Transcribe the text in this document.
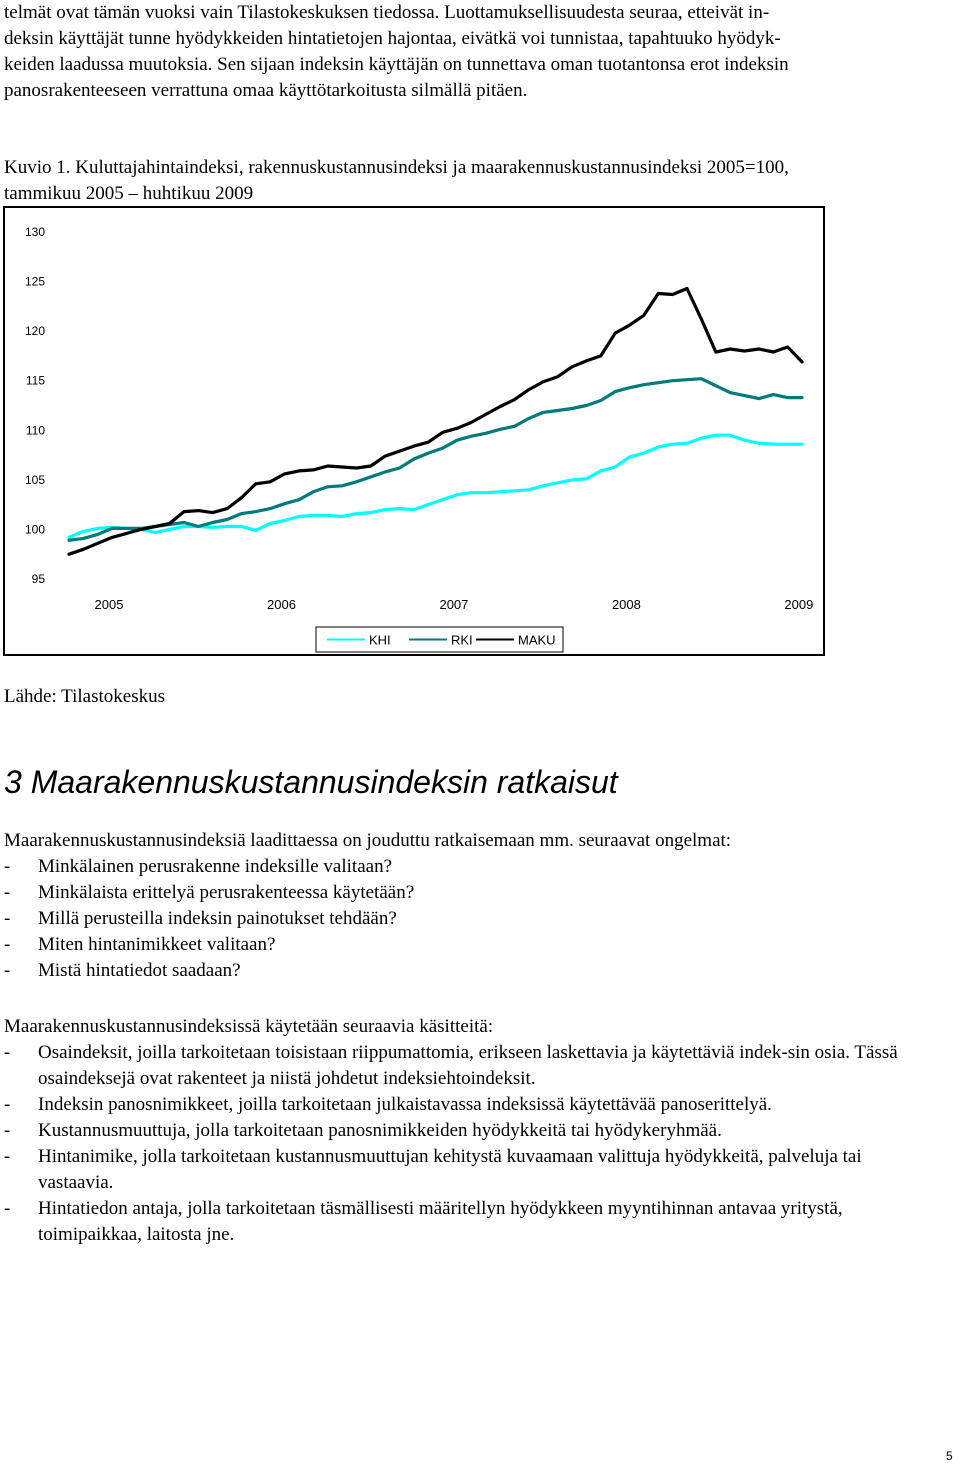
telmät ovat tämän vuoksi vain Tilastokeskuksen tiedossa. Luottamuksellisuudesta seuraa, etteivät in-
deksin käyttäjät tunne hyödykkeiden hintatietojen hajontaa, eivätkä voi tunnistaa, tapahtuuko hyödyk-
keiden laadussa muutoksia. Sen sijaan indeksin käyttäjän on tunnettava oman tuotantonsa erot indeksin
panosrakenteeseen verrattuna omaa käyttötarkoitusta silmällä pitäen.

Kuvio 1. Kuluttajahintaindeksi, rakennuskustannusindeksi ja maarakennuskustannusindeksi 2005=100,
tammikuu 2005 – huhtikuu 2009

130
125
120
115
110
105
100
95
2005	2006	2007	2008	2009
KHI	RKI	MAKU
Lähde: Tilastokeskus
3 Maarakennuskustannusindeksin ratkaisut
Maarakennuskustannusindeksiä laadittaessa on jouduttu ratkaisemaan mm. seuraavat ongelmat:
- Minkälainen perusrakenne indeksille valitaan?
- Minkälaista erittelyä perusrakenteessa käytetään?
- Millä perusteilla indeksin painotukset tehdään?
- Miten hintanimikkeet valitaan?
- Mistä hintatiedot saadaan?
Maarakennuskustannusindeksissä käytetään seuraavia käsitteitä:
- Osaindeksit, joilla tarkoitetaan toisistaan riippumattomia, erikseen laskettavia ja käytettäviä indek-sin osia. Tässä osaindeksejä ovat rakenteet ja niistä johdetut indeksiehtoindeksit.
- Indeksin panosnimikkeet, joilla tarkoitetaan julkaistavassa indeksissä käytettävää panoserittelyä.
- Kustannusmuuttuja, jolla tarkoitetaan panosnimikkeiden hyödykkeitä tai hyödykeryhmää.
- Hintanimike, jolla tarkoitetaan kustannusmuuttujan kehitystä kuvaamaan valittuja hyödykkeitä, palveluja tai vastaavia.
- Hintatiedon antaja, jolla tarkoitetaan täsmällisesti määritellyn hyödykkeen myyntihinnan antavaa yritystä, toimipaikkaa, laitosta jne.
5
